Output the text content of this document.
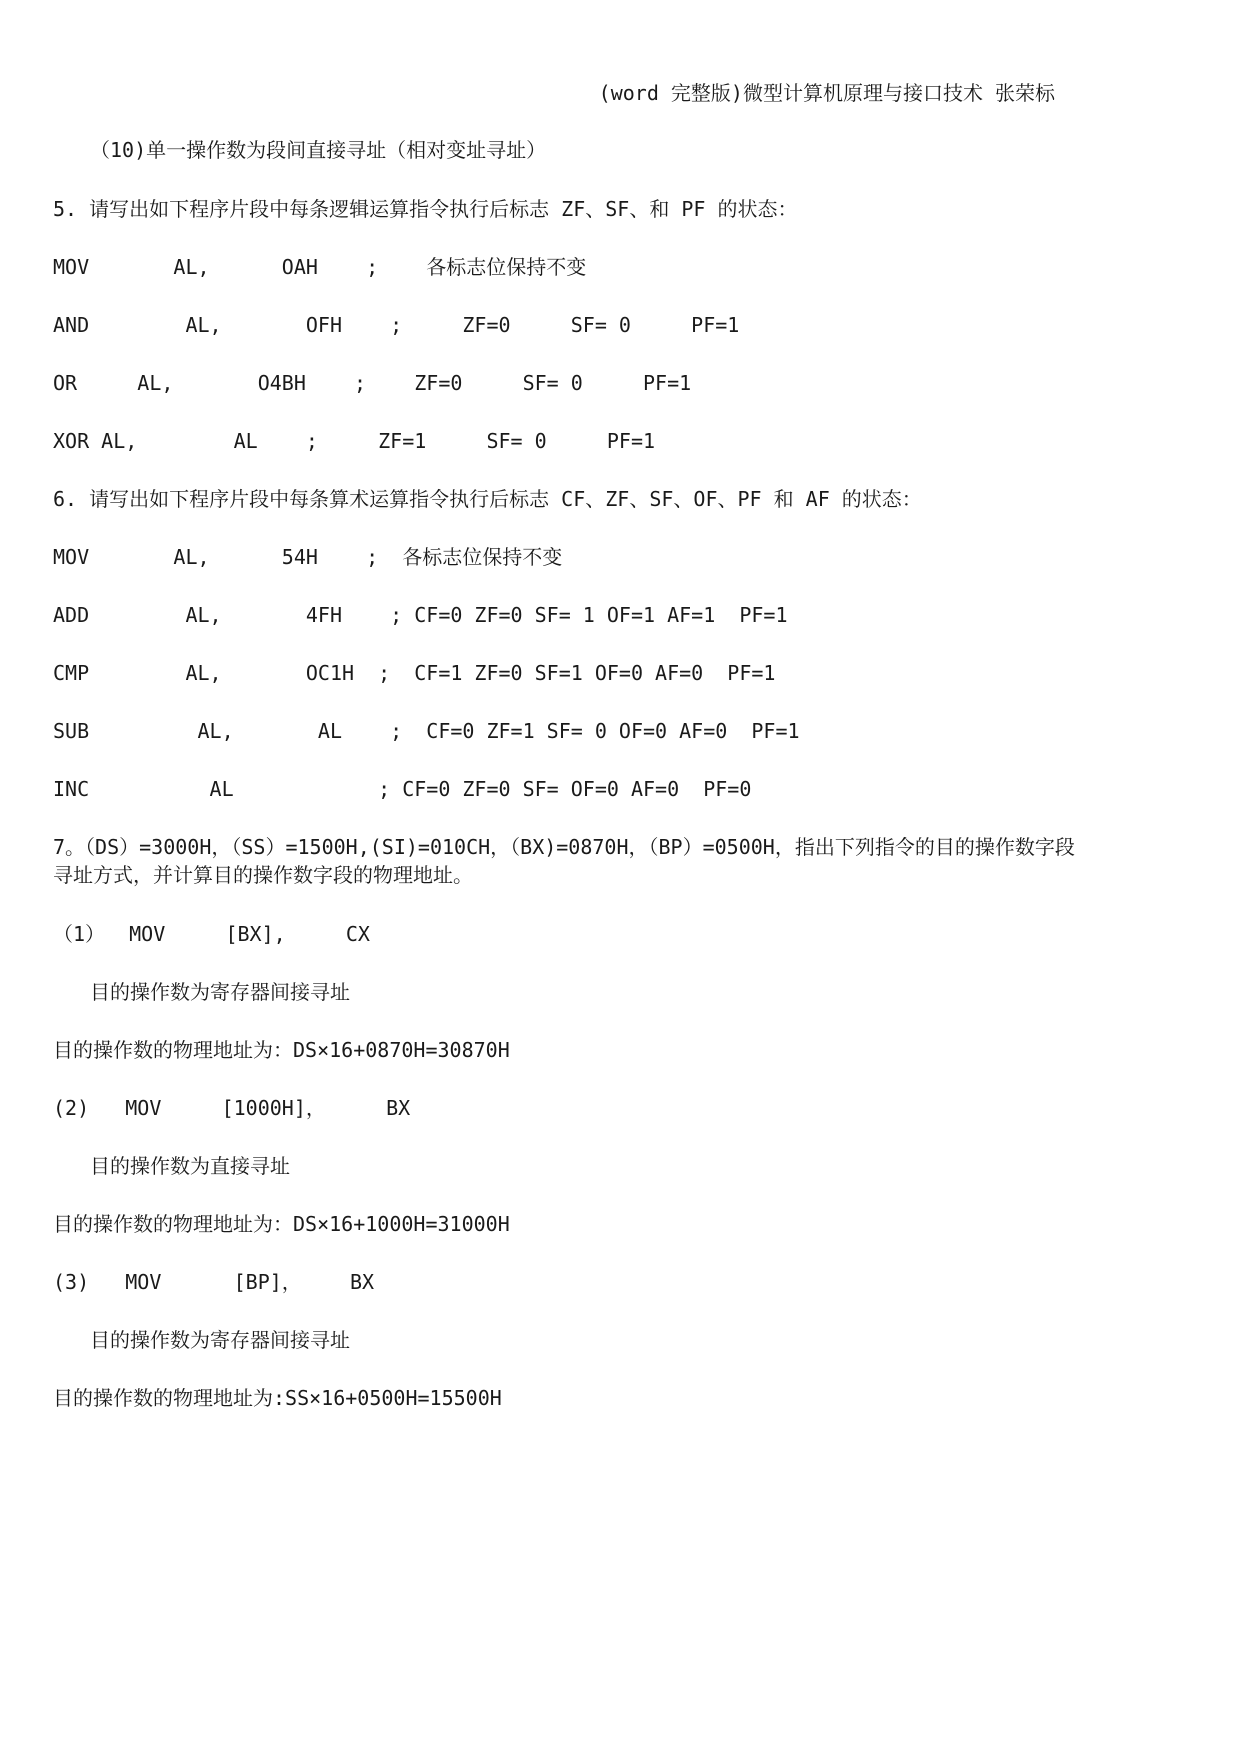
(word 完整版)微型计算机原理与接口技术 张荣标
（10)单一操作数为段间直接寻址（相对变址寻址）
5. 请写出如下程序片段中每条逻辑运算指令执行后标志 ZF、SF、和 PF 的状态：
MOV       AL,      OAH    ;    各标志位保持不变
AND        AL,       OFH    ;     ZF=0     SF= 0     PF=1
OR     AL,       O4BH    ;    ZF=0     SF= 0     PF=1
XOR AL,        AL    ;     ZF=1     SF= 0     PF=1
6. 请写出如下程序片段中每条算术运算指令执行后标志 CF、ZF、SF、OF、PF 和 AF 的状态：
MOV       AL,      54H    ;  各标志位保持不变
ADD        AL,       4FH    ; CF=0 ZF=0 SF= 1 OF=1 AF=1  PF=1
CMP        AL,       OC1H  ;  CF=1 ZF=0 SF=1 OF=0 AF=0  PF=1
SUB         AL,       AL    ;  CF=0 ZF=1 SF= 0 OF=0 AF=0  PF=1
INC          AL            ; CF=0 ZF=0 SF= OF=0 AF=0  PF=0
7。（DS）=3000H，（SS）=1500H,(SI)=010CH，（BX)=0870H，（BP）=0500H，指出下列指令的目的操作数字段
寻址方式，并计算目的操作数字段的物理地址。
（1）  MOV     [BX],     CX
目的操作数为寄存器间接寻址
目的操作数的物理地址为：DS×16+0870H=30870H
(2)   MOV     [1000H]，     BX
目的操作数为直接寻址
目的操作数的物理地址为：DS×16+1000H=31000H
(3)   MOV      [BP]，    BX
目的操作数为寄存器间接寻址
目的操作数的物理地址为:SS×16+0500H=15500H
